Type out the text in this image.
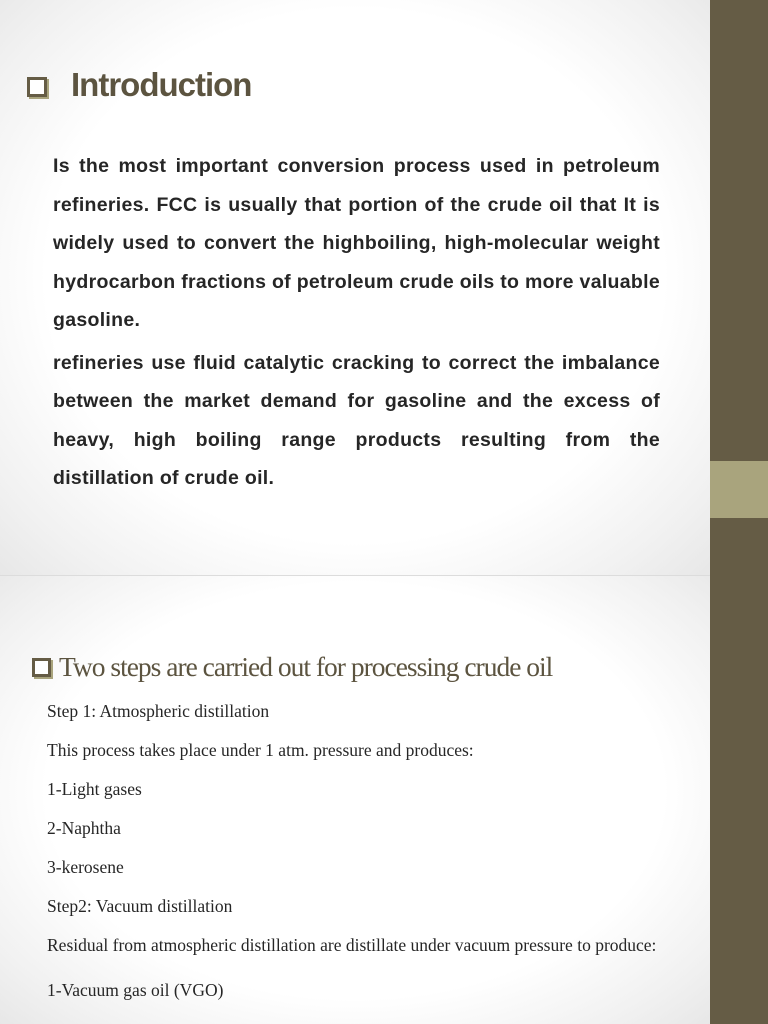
Introduction

Is the most important conversion process used in petroleum refineries. FCC is usually that portion of the crude oil that It is widely used to convert the highboiling, high-molecular weight hydrocarbon fractions of petroleum crude oils to more valuable gasoline.

refineries use fluid catalytic cracking to correct the imbalance between the market demand for gasoline and the excess of heavy, high boiling range products resulting from the distillation of crude oil.

Two steps are carried out for processing crude oil

Step 1: Atmospheric distillation

This process takes place under 1 atm. pressure and produces:

1-Light gases

2-Naphtha

3-kerosene

Step2: Vacuum distillation

Residual from atmospheric distillation are distillate under vacuum pressure to produce:

1-Vacuum gas oil (VGO)
